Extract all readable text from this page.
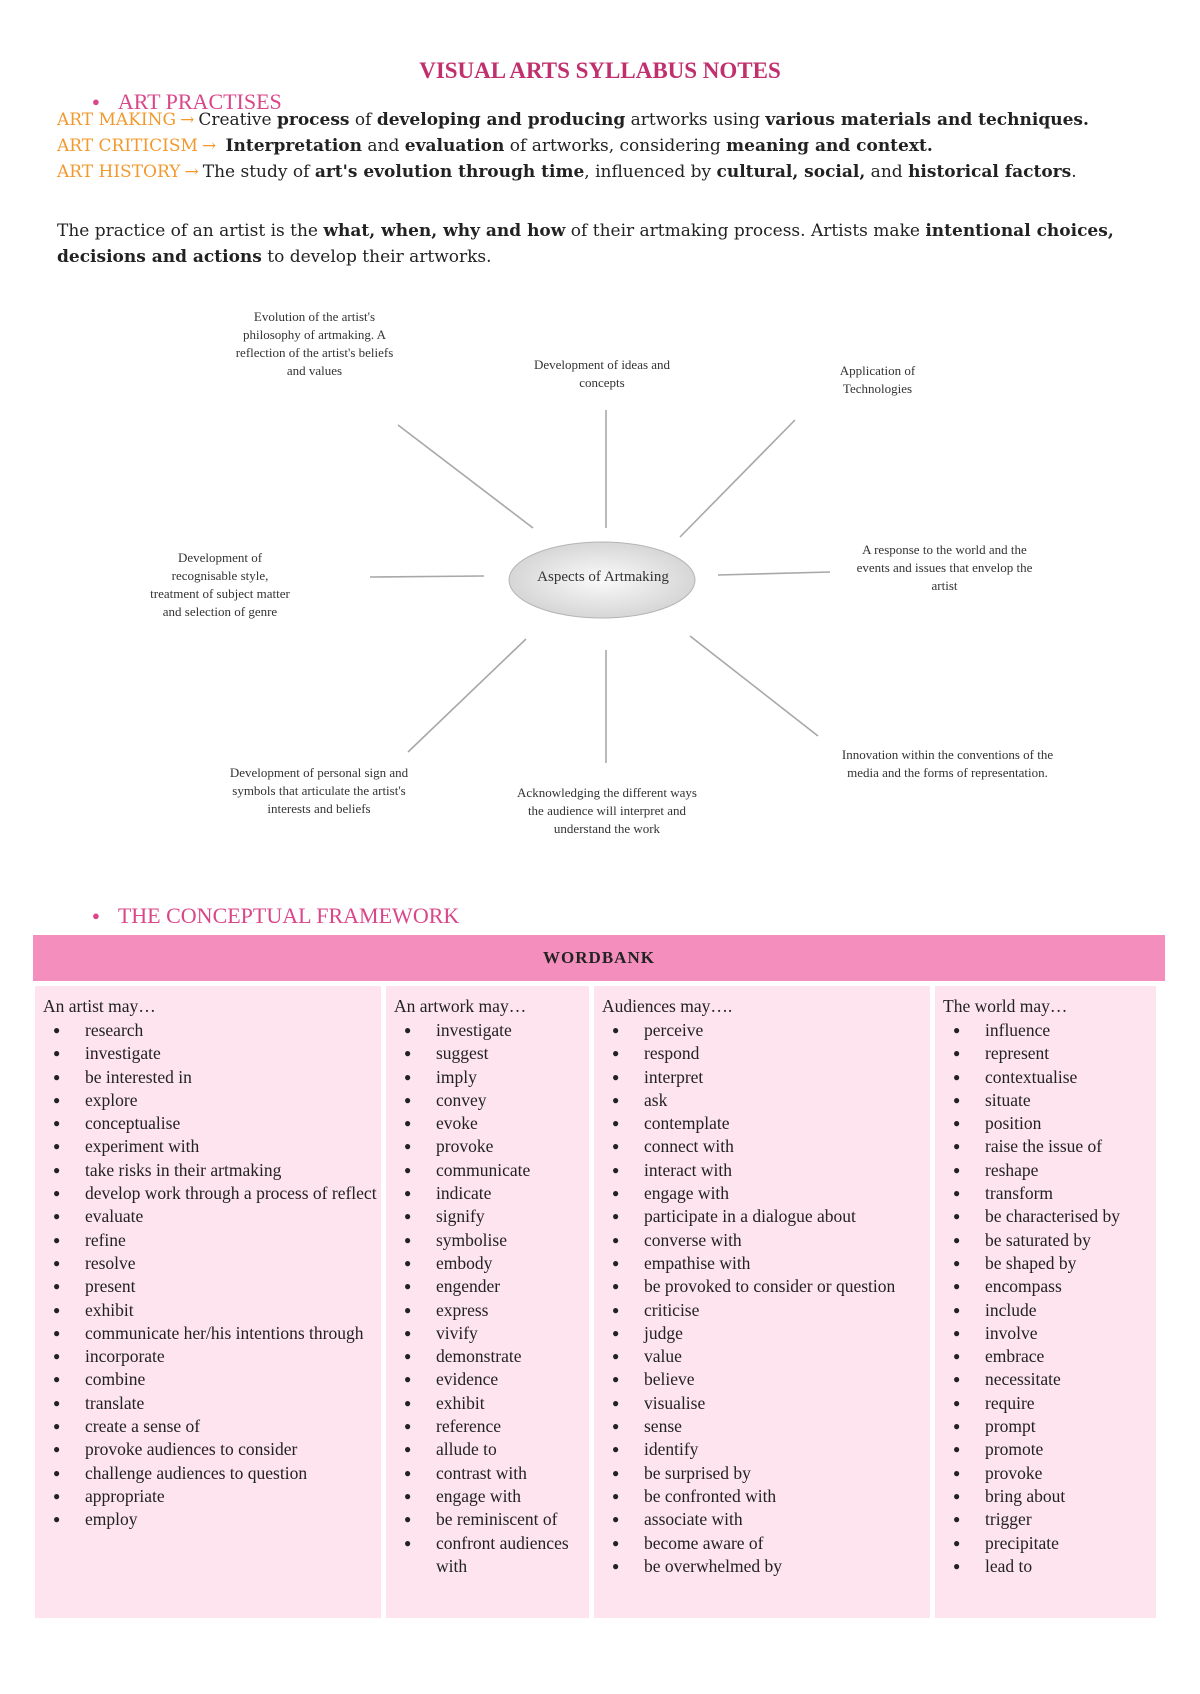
VISUAL ARTS SYLLABUS NOTES
● ART PRACTISES
ART MAKING → Creative process of developing and producing artworks using various materials and techniques.
ART CRITICISM → Interpretation and evaluation of artworks, considering meaning and context.
ART HISTORY → The study of art's evolution through time, influenced by cultural, social, and historical factors.
The practice of an artist is the what, when, why and how of their artmaking process. Artists make intentional choices, decisions and actions to develop their artworks.
Aspects of Artmaking
Evolution of the artist's philosophy of artmaking. A reflection of the artist's beliefs and values	Development of ideas and concepts
Application of Technologies
A response to the world and the events and issues that envelop the artist
Innovation within the conventions of the media and the forms of representation.
Acknowledging the different ways the audience will interpret and understand the work
Development of personal sign and symbols that articulate the artist's interests and beliefs
Development of recognisable style, treatment of subject matter and selection of genre
● THE CONCEPTUAL FRAMEWORK
WORDBANK
An artist may…
● research
● investigate
● be interested in
● explore
● conceptualise
● experiment with
● take risks in their artmaking
● develop work through a process of reflect
● evaluate
● refine
● resolve
● present
● exhibit
● communicate her/his intentions through
● incorporate
● combine
● translate
● create a sense of
● provoke audiences to consider
● challenge audiences to question
● appropriate
● employ
An artwork may…
● investigate
● suggest
● imply
● convey
● evoke
● provoke
● communicate
● indicate
● signify
● symbolise
● embody
● engender
● express
● vivify
● demonstrate
● evidence
● exhibit
● reference
● allude to
● contrast with
● engage with
● be reminiscent of
● confront audiences with
Audiences may….
● perceive
● respond
● interpret
● ask
● contemplate
● connect with
● interact with
● engage with
● participate in a dialogue about
● converse with
● empathise with
● be provoked to consider or question
● criticise
● judge
● value
● believe
● visualise
● sense
● identify
● be surprised by
● be confronted with
● associate with
● become aware of
● be overwhelmed by
The world may…
● influence
● represent
● contextualise
● situate
● position
● raise the issue of
● reshape
● transform
● be characterised by
● be saturated by
● be shaped by
● encompass
● include
● involve
● embrace
● necessitate
● require
● prompt
● promote
● provoke
● bring about
● trigger
● precipitate
● lead to
